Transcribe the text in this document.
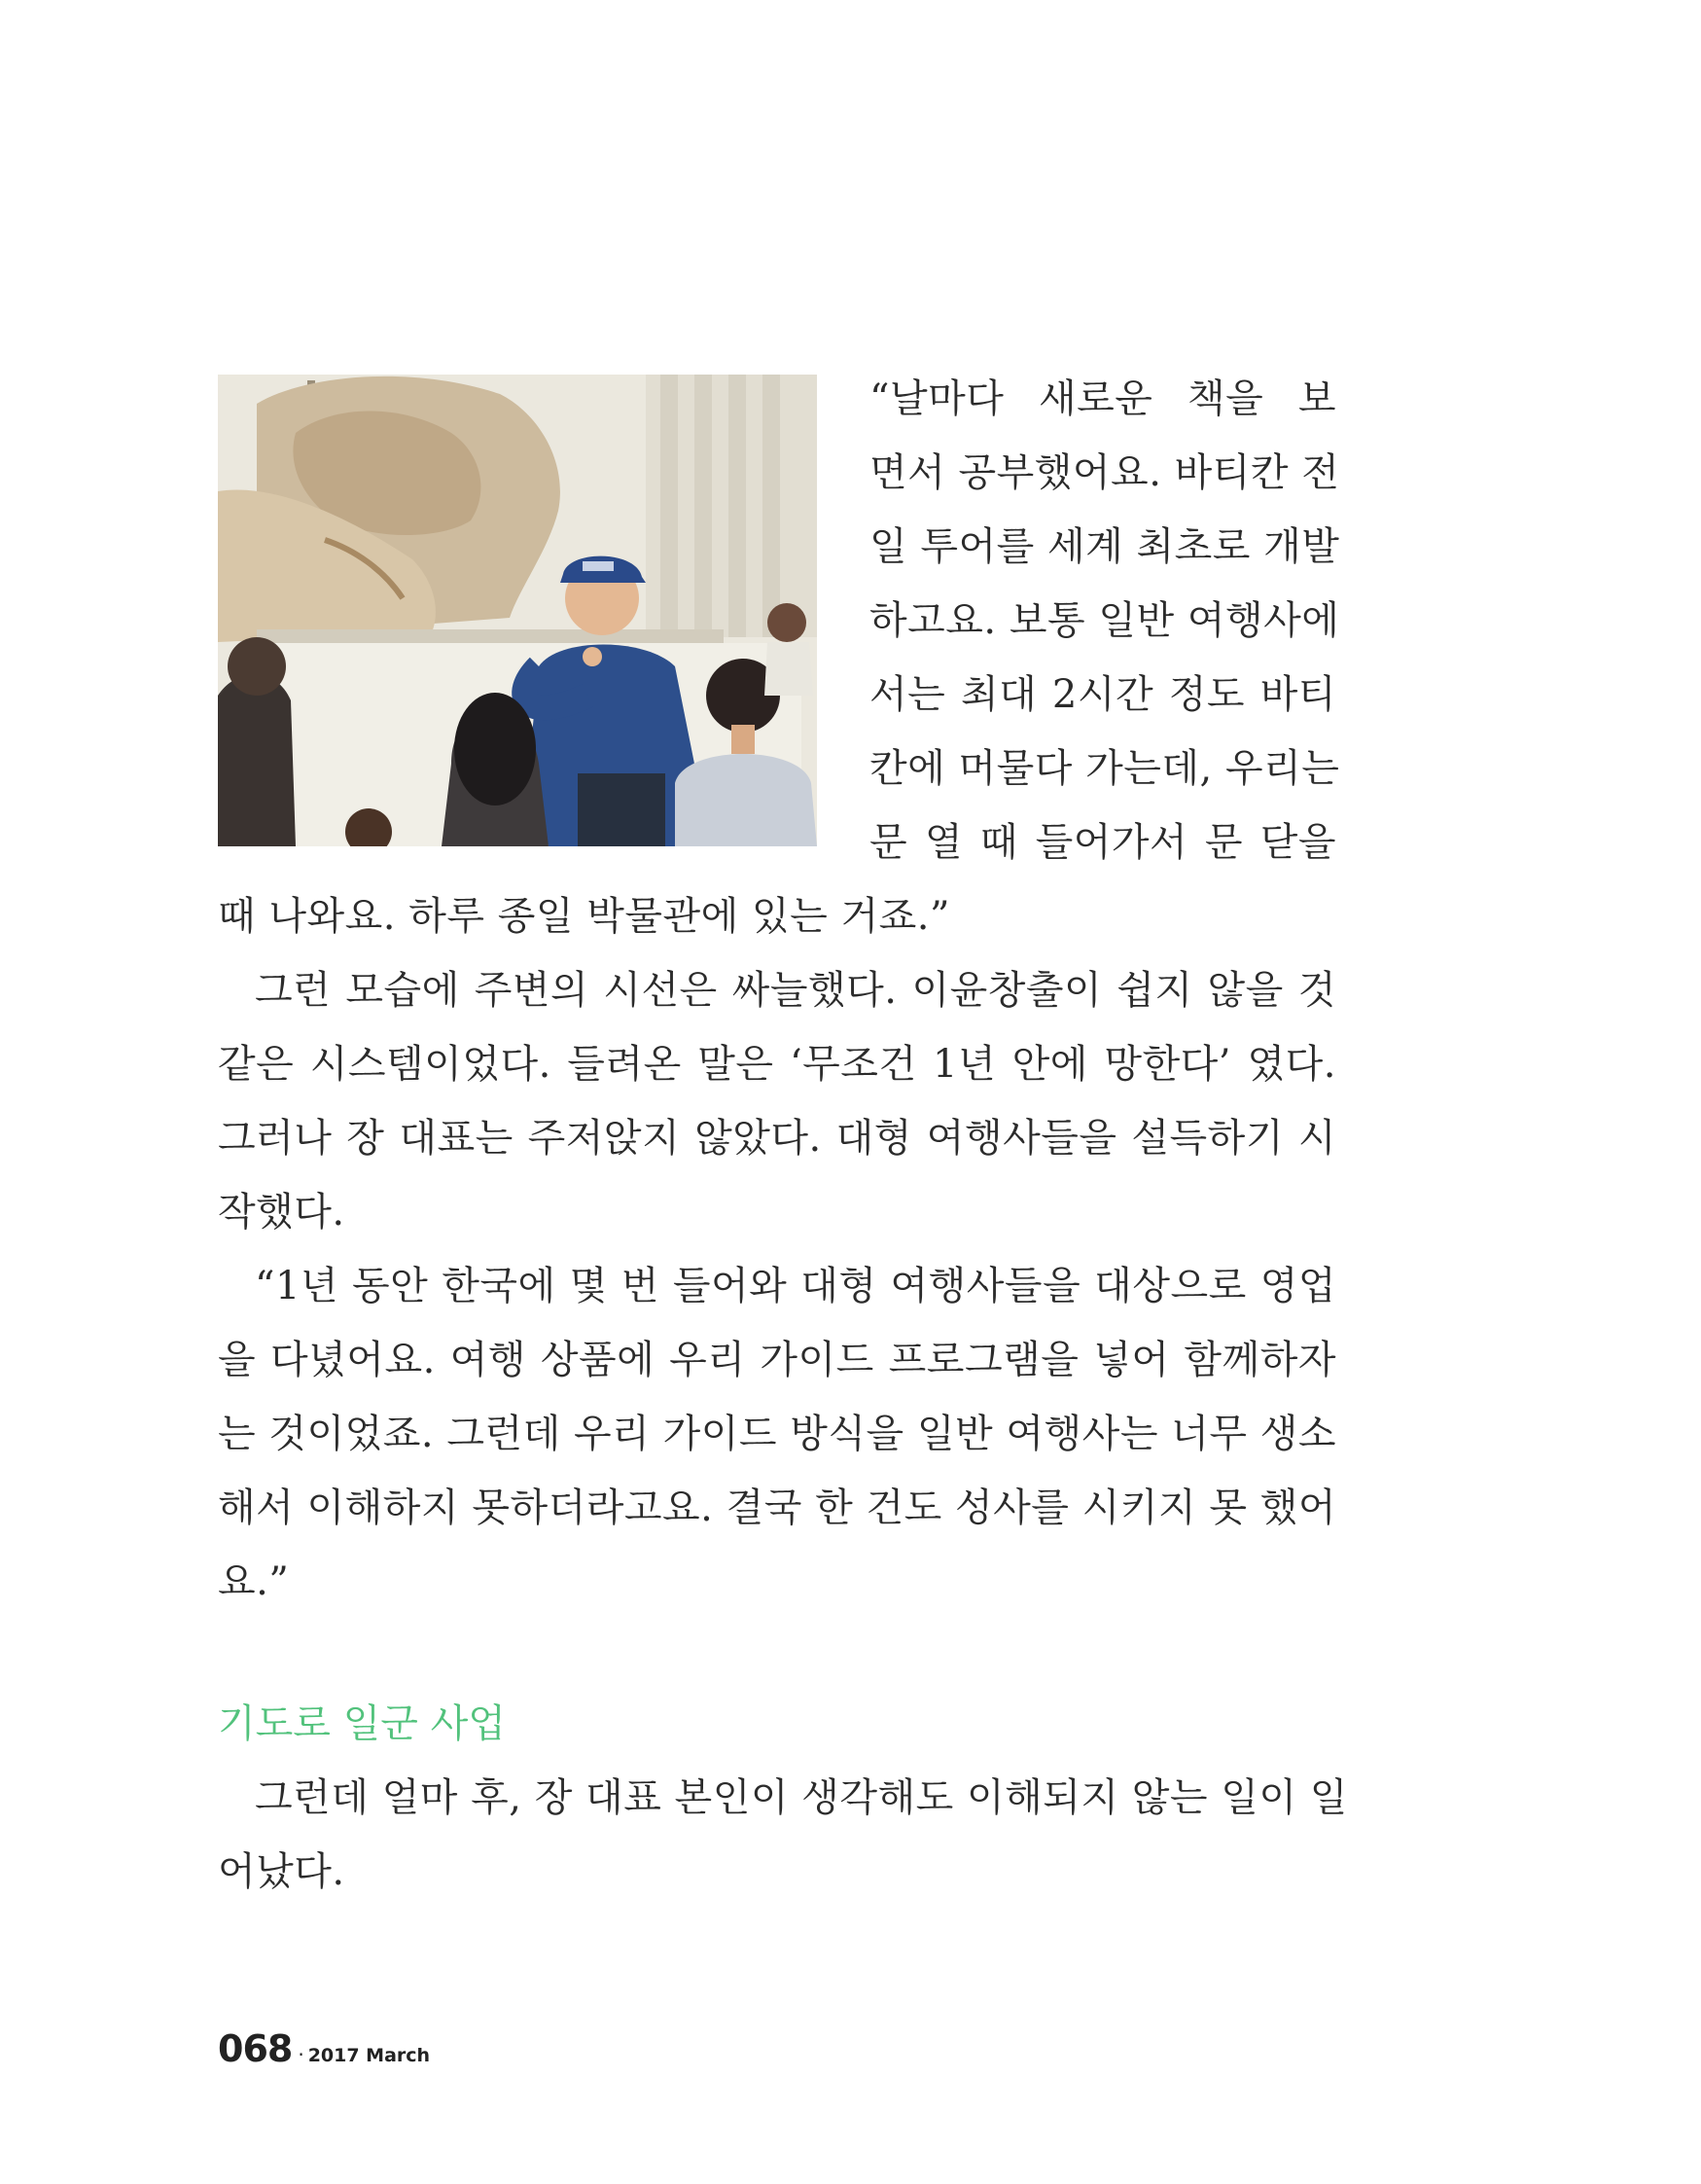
“날마다 새로운 책을 보
면서 공부했어요. 바티칸 전
일 투어를 세계 최초로 개발
하고요. 보통 일반 여행사에
서는 최대 2시간 정도 바티
칸에 머물다 가는데, 우리는
문 열 때 들어가서 문 닫을
때 나와요. 하루 종일 박물관에 있는 거죠.”
그런 모습에 주변의 시선은 싸늘했다. 이윤창출이 쉽지 않을 것
같은 시스템이었다. 들려온 말은 ‘무조건 1년 안에 망한다’ 였다.
그러나 장 대표는 주저앉지 않았다. 대형 여행사들을 설득하기 시
작했다.
“1년 동안 한국에 몇 번 들어와 대형 여행사들을 대상으로 영업
을 다녔어요. 여행 상품에 우리 가이드 프로그램을 넣어 함께하자
는 것이었죠. 그런데 우리 가이드 방식을 일반 여행사는 너무 생소
해서 이해하지 못하더라고요. 결국 한 건도 성사를 시키지 못 했어
요.”
기도로 일군 사업
그런데 얼마 후, 장 대표 본인이 생각해도 이해되지 않는 일이 일
어났다.
068 · 2017 March
